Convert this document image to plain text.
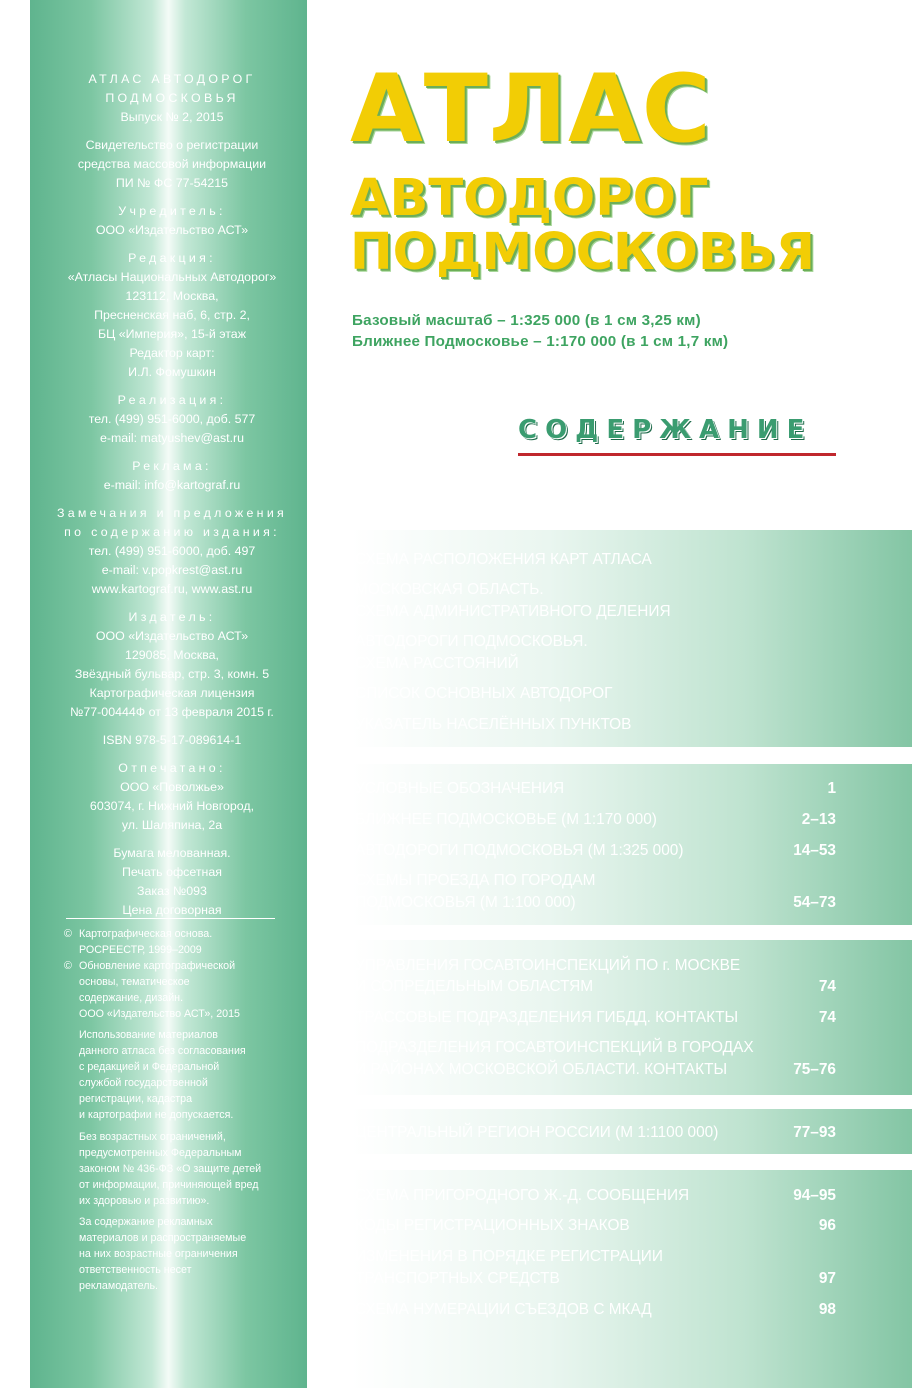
АТЛАС АВТОДОРОГ
ПОДМОСКОВЬЯ
Выпуск № 2, 2015
Свидетельство о регистрации
средства массовой информации
ПИ № ФС 77-54215
Учредитель:
ООО «Издательство АСТ»
Редакция:
«Атласы Национальных Автодорог»
123112, Москва,
Пресненская наб, 6, стр. 2,
БЦ «Империя», 15-й этаж
Редактор карт:
И.Л. Фомушкин
Реализация:
тел. (499) 951-6000, доб. 577
e-mail: matyushev@ast.ru
Реклама:
e-mail: info@kartograf.ru
Замечания и предложения
по содержанию издания:
тел. (499) 951-6000, доб. 497
e-mail: v.popkrest@ast.ru
www.kartograf.ru, www.ast.ru
Издатель:
ООО «Издательство АСТ»
129085, Москва,
Звёздный бульвар, стр. 3, комн. 5
Картографическая лицензия
№77-00444Ф от 13 февраля 2015 г.
ISBN 978-5-17-089614-1
Отпечатано:
ООО «Поволжье»
603074, г. Нижний Новгород,
ул. Шаляпина, 2а
Бумага мелованная.
Печать офсетная
Заказ №093
Цена договорная
© Картографическая основа.
РОСРЕЕСТР, 1999–2009
© Обновление картографической
основы, тематическое
содержание, дизайн.
ООО «Издательство АСТ», 2015
Использование материалов
данного атласа без согласования
с редакцией и Федеральной
службой государственной
регистрации, кадастра
и картографии не допускается.
Без возрастных ограничений,
предусмотренных Федеральным
законом № 436-ФЗ «О защите детей
от информации, причиняющей вред
их здоровью и развитию».
За содержание рекламных
материалов и распространяемые
на них возрастные ограничения
ответственность несет
рекламодатель.
АТЛАС
АВТОДОРОГ
ПОДМОСКОВЬЯ
Базовый масштаб – 1:325 000 (в 1 см 3,25 км)
Ближнее Подмосковье – 1:170 000 (в 1 см 1,7 км)
СОДЕРЖАНИЕ
СХЕМА РАСПОЛОЖЕНИЯ КАРТ АТЛАСА
МОСКОВСКАЯ ОБЛАСТЬ.
СХЕМА АДМИНИСТРАТИВНОГО ДЕЛЕНИЯ
АВТОДОРОГИ ПОДМОСКОВЬЯ.
СХЕМА РАССТОЯНИЙ
СПИСОК ОСНОВНЫХ АВТОДОРОГ
УКАЗАТЕЛЬ НАСЕЛЁННЫХ ПУНКТОВ
УСЛОВНЫЕ ОБОЗНАЧЕНИЯ	1
БЛИЖНЕЕ ПОДМОСКОВЬЕ (М 1:170 000)	2–13
АВТОДОРОГИ ПОДМОСКОВЬЯ (М 1:325 000)	14–53
СХЕМЫ ПРОЕЗДА ПО ГОРОДАМ
ПОДМОСКОВЬЯ (М 1:100 000)	54–73
УПРАВЛЕНИЯ ГОСАВТОИНСПЕКЦИЙ ПО г. МОСКВЕ
И СОПРЕДЕЛЬНЫМ ОБЛАСТЯМ	74
ТРАССОВЫЕ ПОДРАЗДЕЛЕНИЯ ГИБДД. КОНТАКТЫ	74
ПОДРАЗДЕЛЕНИЯ ГОСАВТОИНСПЕКЦИЙ В ГОРОДАХ
И РАЙОНАХ МОСКОВСКОЙ ОБЛАСТИ. КОНТАКТЫ	75–76
ЦЕНТРАЛЬНЫЙ РЕГИОН РОССИИ (М 1:1100 000)	77–93
СХЕМА ПРИГОРОДНОГО Ж.-Д. СООБЩЕНИЯ	94–95
КОДЫ РЕГИСТРАЦИОННЫХ ЗНАКОВ	96
ИЗМЕНЕНИЯ В ПОРЯДКЕ РЕГИСТРАЦИИ
ТРАНСПОРТНЫХ СРЕДСТВ	97
СХЕМА НУМЕРАЦИИ СЪЕЗДОВ С МКАД	98
